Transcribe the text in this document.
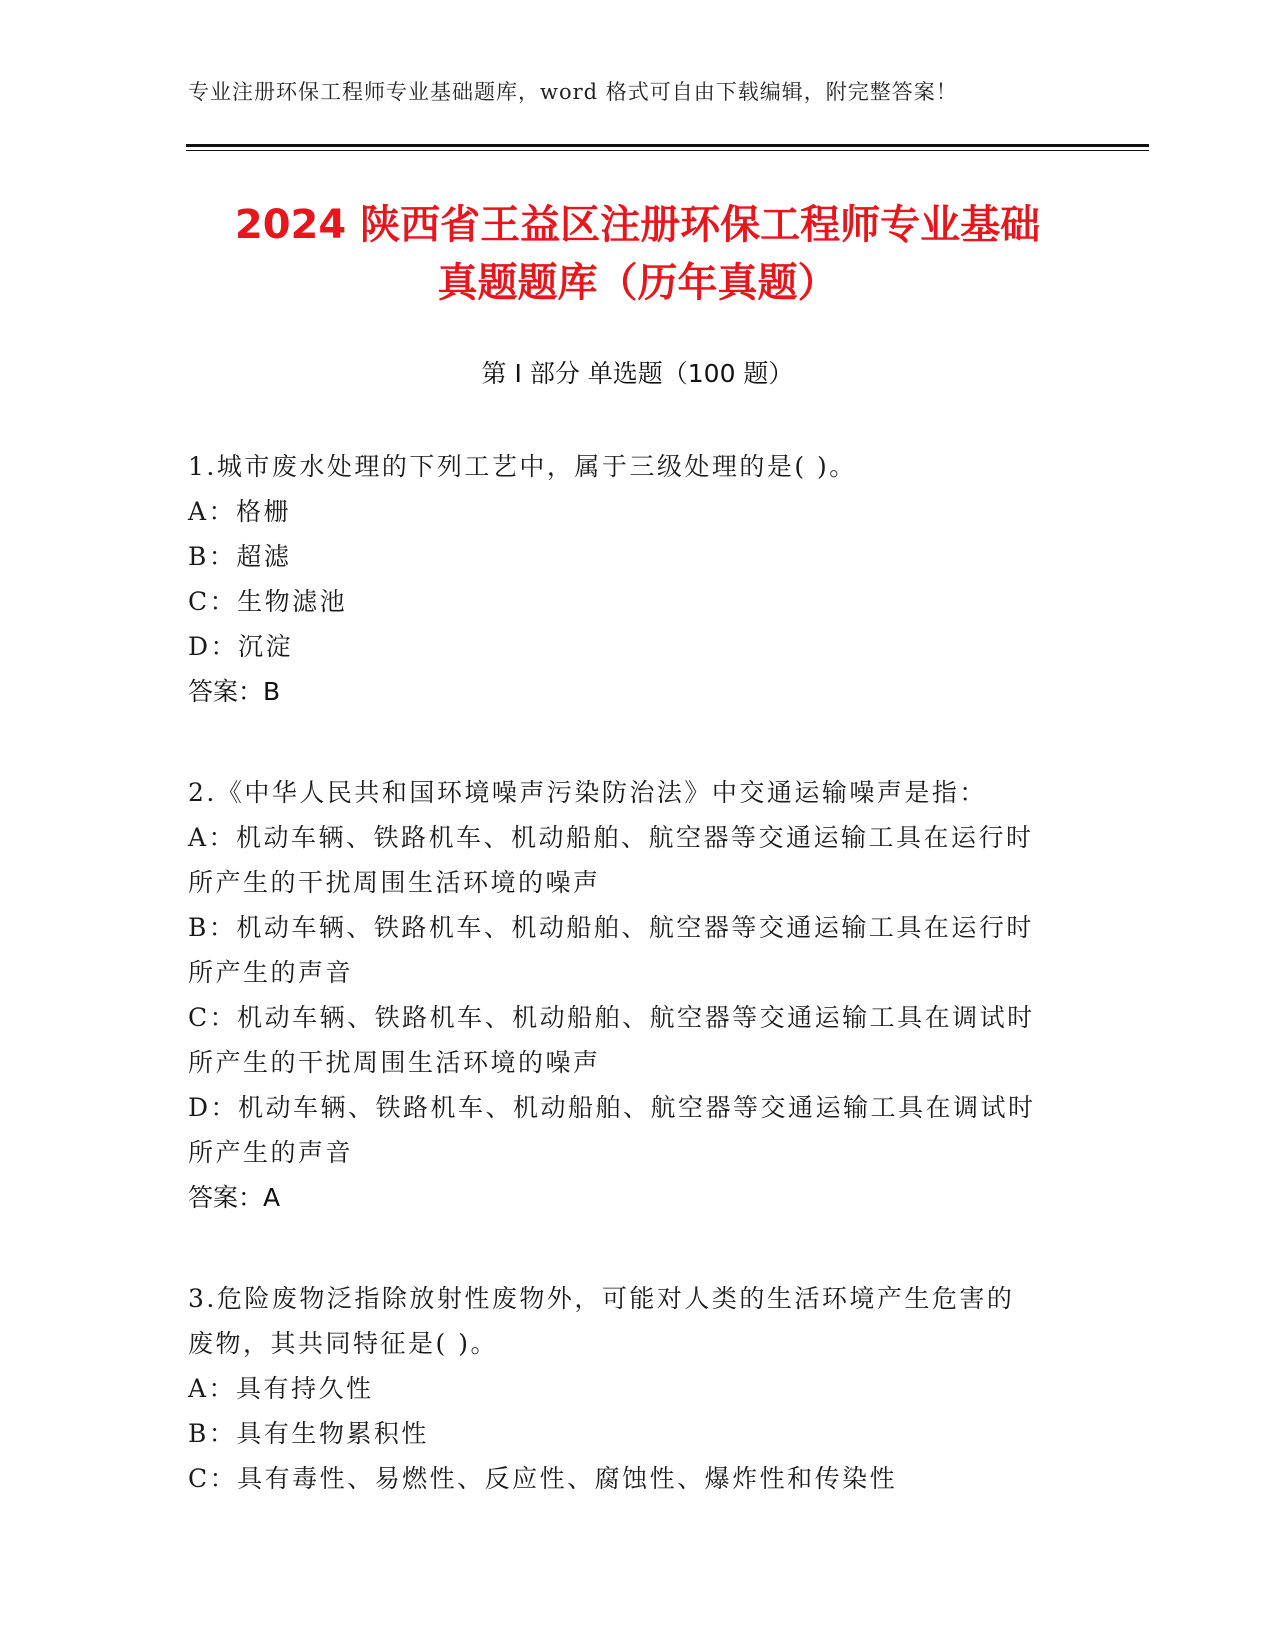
专业注册环保工程师专业基础题库，word 格式可自由下载编辑，附完整答案！
2024 陕西省王益区注册环保工程师专业基础
真题题库（历年真题）
第 I 部分 单选题（100 题）

1.城市废水处理的下列工艺中，属于三级处理的是( )。

A：格栅

B：超滤

C：生物滤池

D：沉淀

答案：B

2.《中华人民共和国环境噪声污染防治法》中交通运输噪声是指：

A：机动车辆、铁路机车、机动船舶、航空器等交通运输工具在运行时

所产生的干扰周围生活环境的噪声

B：机动车辆、铁路机车、机动船舶、航空器等交通运输工具在运行时

所产生的声音

C：机动车辆、铁路机车、机动船舶、航空器等交通运输工具在调试时

所产生的干扰周围生活环境的噪声

D：机动车辆、铁路机车、机动船舶、航空器等交通运输工具在调试时

所产生的声音

答案：A

3.危险废物泛指除放射性废物外，可能对人类的生活环境产生危害的

废物，其共同特征是( )。

A：具有持久性

B：具有生物累积性

C：具有毒性、易燃性、反应性、腐蚀性、爆炸性和传染性
